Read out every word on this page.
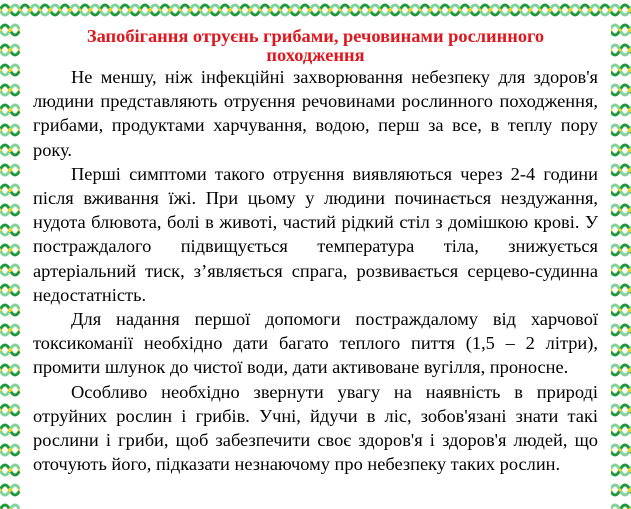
Запобігання отруєнь грибами, речовинами рослинного походження

Не меншу, ніж інфекційні захворювання небезпеку для здоров'я людини представляють отруєння речовинами рослинного походження, грибами, продуктами харчування, водою, перш за все, в теплу пору року.

Перші симптоми такого отруєння виявляються через 2-4 години після вживання їжі. При цьому у людини починається нездужання, нудота блювота, болі в животі, частий рідкий стіл з домішкою крові. У постраждалого підвищується температура тіла, знижується артеріальний тиск, з’являється спрага, розвивається серцево-судинна недостатність.

Для надання першої допомоги постраждалому від харчової токсикоманії необхідно дати багато теплого пиття (1,5 – 2 літри), промити шлунок до чистої води, дати активоване вугілля, проносне.

Особливо необхідно звернути увагу на наявність в природі отруйних рослин і грибів. Учні, йдучи в ліс, зобов'язані знати такі рослини і гриби, щоб забезпечити своє здоров'я і здоров'я людей, що оточують його, підказати незнаючому про небезпеку таких рослин.
